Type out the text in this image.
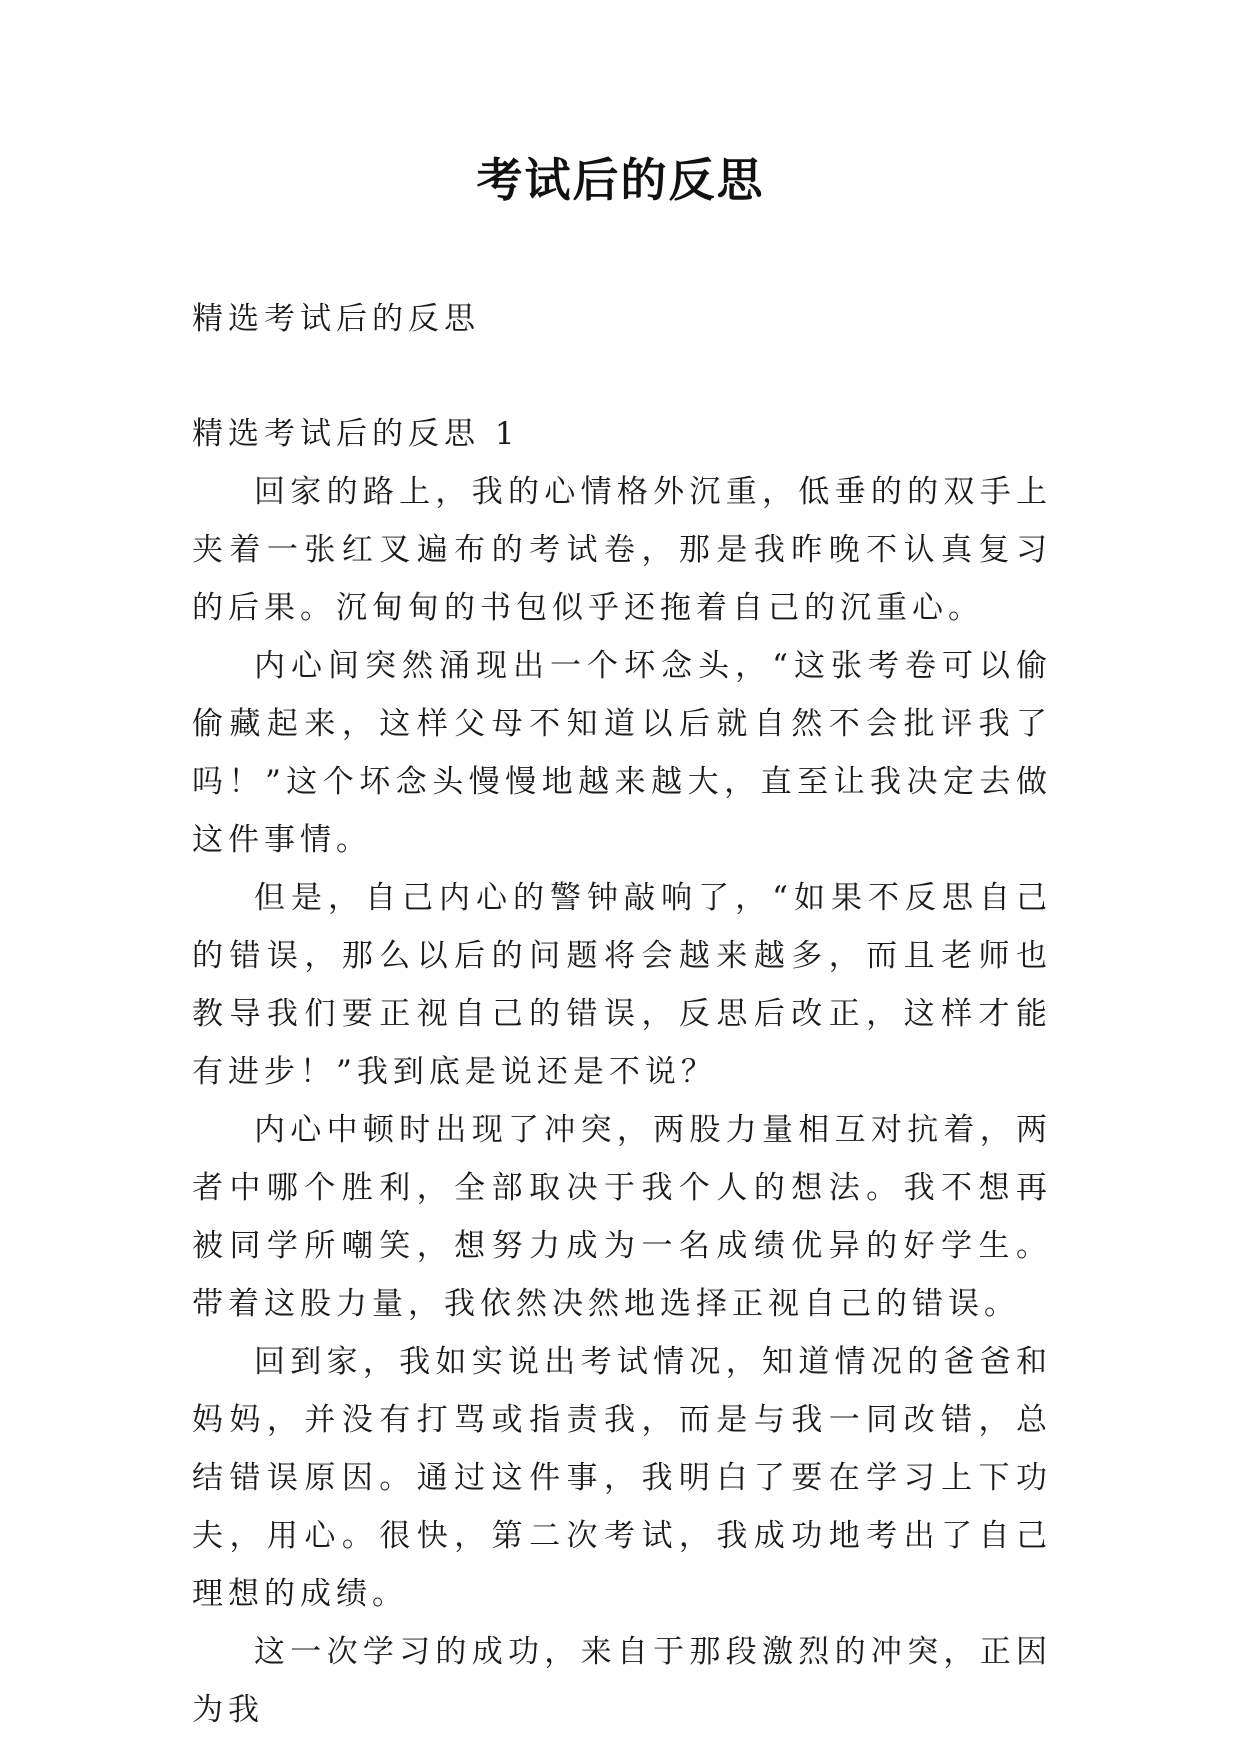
考试后的反思
精选考试后的反思
精选考试后的反思 1

回家的路上，我的心情格外沉重，低垂的的双手上夹着一张红叉遍布的考试卷，那是我昨晚不认真复习的后果。沉甸甸的书包似乎还拖着自己的沉重心。

内心间突然涌现出一个坏念头，“这张考卷可以偷偷藏起来，这样父母不知道以后就自然不会批评我了吗！”这个坏念头慢慢地越来越大，直至让我决定去做这件事情。

但是，自己内心的警钟敲响了，“如果不反思自己的错误，那么以后的问题将会越来越多，而且老师也教导我们要正视自己的错误，反思后改正，这样才能有进步！”我到底是说还是不说？

内心中顿时出现了冲突，两股力量相互对抗着，两者中哪个胜利，全部取决于我个人的想法。我不想再被同学所嘲笑，想努力成为一名成绩优异的好学生。带着这股力量，我依然决然地选择正视自己的错误。

回到家，我如实说出考试情况，知道情况的爸爸和妈妈，并没有打骂或指责我，而是与我一同改错，总结错误原因。通过这件事，我明白了要在学习上下功夫，用心。很快，第二次考试，我成功地考出了自己理想的成绩。

这一次学习的成功，来自于那段激烈的冲突，正因为我
